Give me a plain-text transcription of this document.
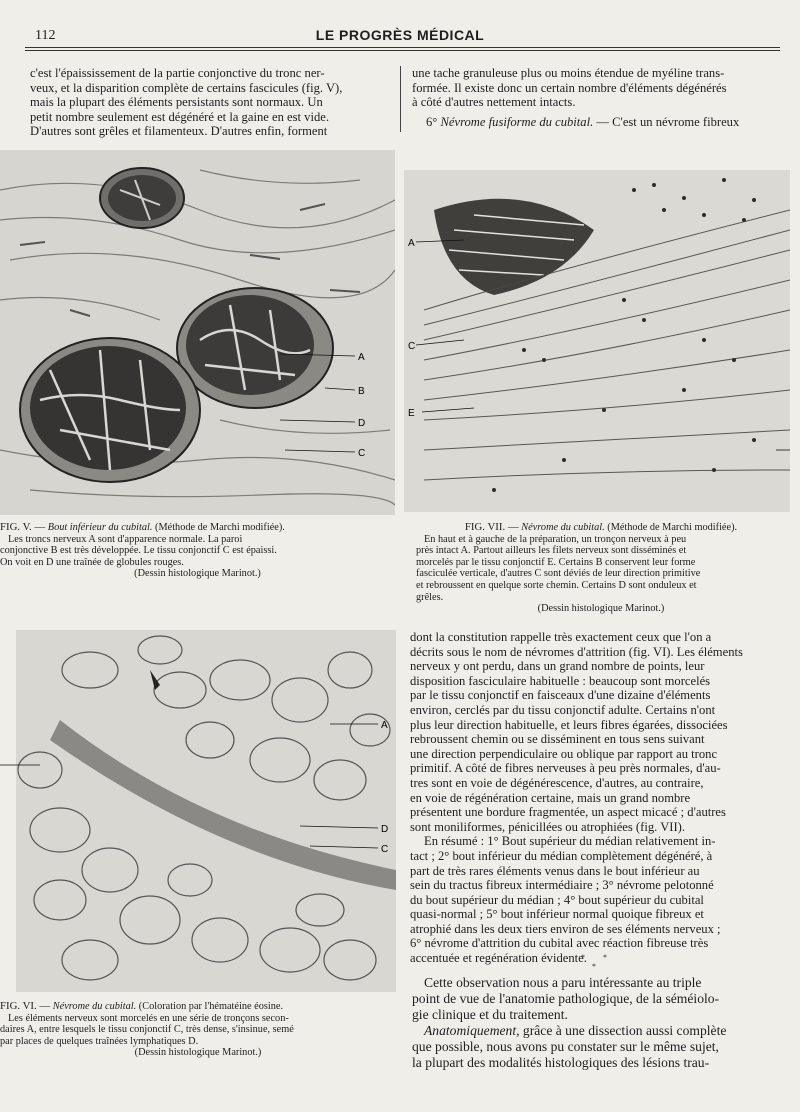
112	LE PROGRÈS MÉDICAL

c'est l'épaississement de la partie conjonctive du tronc ner-

veux, et la disparition complète de certains fascicules (fig. V),

mais la plupart des éléments persistants sont normaux. Un

petit nombre seulement est dégénéré et la gaine en est vide.

D'autres sont grêles et filamenteux. D'autres enfin, forment

une tache granuleuse plus ou moins étendue de myéline trans-

formée. Il existe donc un certain nombre d'éléments dégénérés

à côté d'autres nettement intacts.

6° Névrome fusiforme du cubital. — C'est un névrome fibreux

A
B
D
C

FIG. V. — Bout inférieur du cubital. (Méthode de Marchi modifiée).

Les troncs nerveux A sont d'apparence normale. La paroi

conjonctive B est très développée. Le tissu conjonctif C est épaissi.

On voit en D une traînée de globules rouges.

(Dessin histologique Marinot.)

A
C
E

FIG. VII. — Névrome du cubital. (Méthode de Marchi modifiée).

En haut et à gauche de la préparation, un tronçon nerveux à peu

près intact A. Partout ailleurs les filets nerveux sont disséminés et

morcelés par le tissu conjonctif E. Certains B conservent leur forme

fasciculée verticale, d'autres C sont déviés de leur direction primitive

et rebroussent en quelque sorte chemin. Certains D sont onduleux et

grêles.

(Dessin histologique Marinot.)

A
D
C

FIG. VI. — Névrome du cubital. (Coloration par l'hématéine éosine.

Les éléments nerveux sont morcelés en une série de tronçons secon-

daires A, entre lesquels le tissu conjonctif C, très dense, s'insinue, semé

par places de quelques traînées lymphatiques D.

(Dessin histologique Marinot.)

dont la constitution rappelle très exactement ceux que l'on a

décrits sous le nom de névromes d'attrition (fig. VI). Les éléments

nerveux y ont perdu, dans un grand nombre de points, leur

disposition fasciculaire habituelle : beaucoup sont morcelés

par le tissu conjonctif en faisceaux d'une dizaine d'éléments

environ, cerclés par du tissu conjonctif adulte. Certains n'ont

plus leur direction habituelle, et leurs fibres égarées, dissociées

rebroussent chemin ou se disséminent en tous sens suivant

une direction perpendiculaire ou oblique par rapport au tronc

primitif. A côté de fibres nerveuses à peu près normales, d'au-

tres sont en voie de dégénérescence, d'autres, au contraire,

en voie de régénération certaine, mais un grand nombre

présentent une bordure fragmentée, un aspect micacé ; d'autres

sont moniliformes, pénicillées ou atrophiées (fig. VII).

En résumé : 1° Bout supérieur du médian relativement in-

tact ; 2° bout inférieur du médian complètement dégénéré, à

part de très rares éléments venus dans le bout inférieur au

sein du tractus fibreux intermédiaire ; 3° névrome pelotonné

du bout supérieur du médian ; 4° bout supérieur du cubital

quasi-normal ; 5° bout inférieur normal quoique fibreux et

atrophié dans les deux tiers environ de ses éléments nerveux ;

6° névrome d'attrition du cubital avec réaction fibreuse très

accentuée et regénération évidente.

* * *

Cette observation nous a paru intéressante au triple

point de vue de l'anatomie pathologique, de la séméiolo-

gie clinique et du traitement.

Anatomiquement, grâce à une dissection aussi complète

que possible, nous avons pu constater sur le même sujet,

la plupart des modalités histologiques des lésions trau-
